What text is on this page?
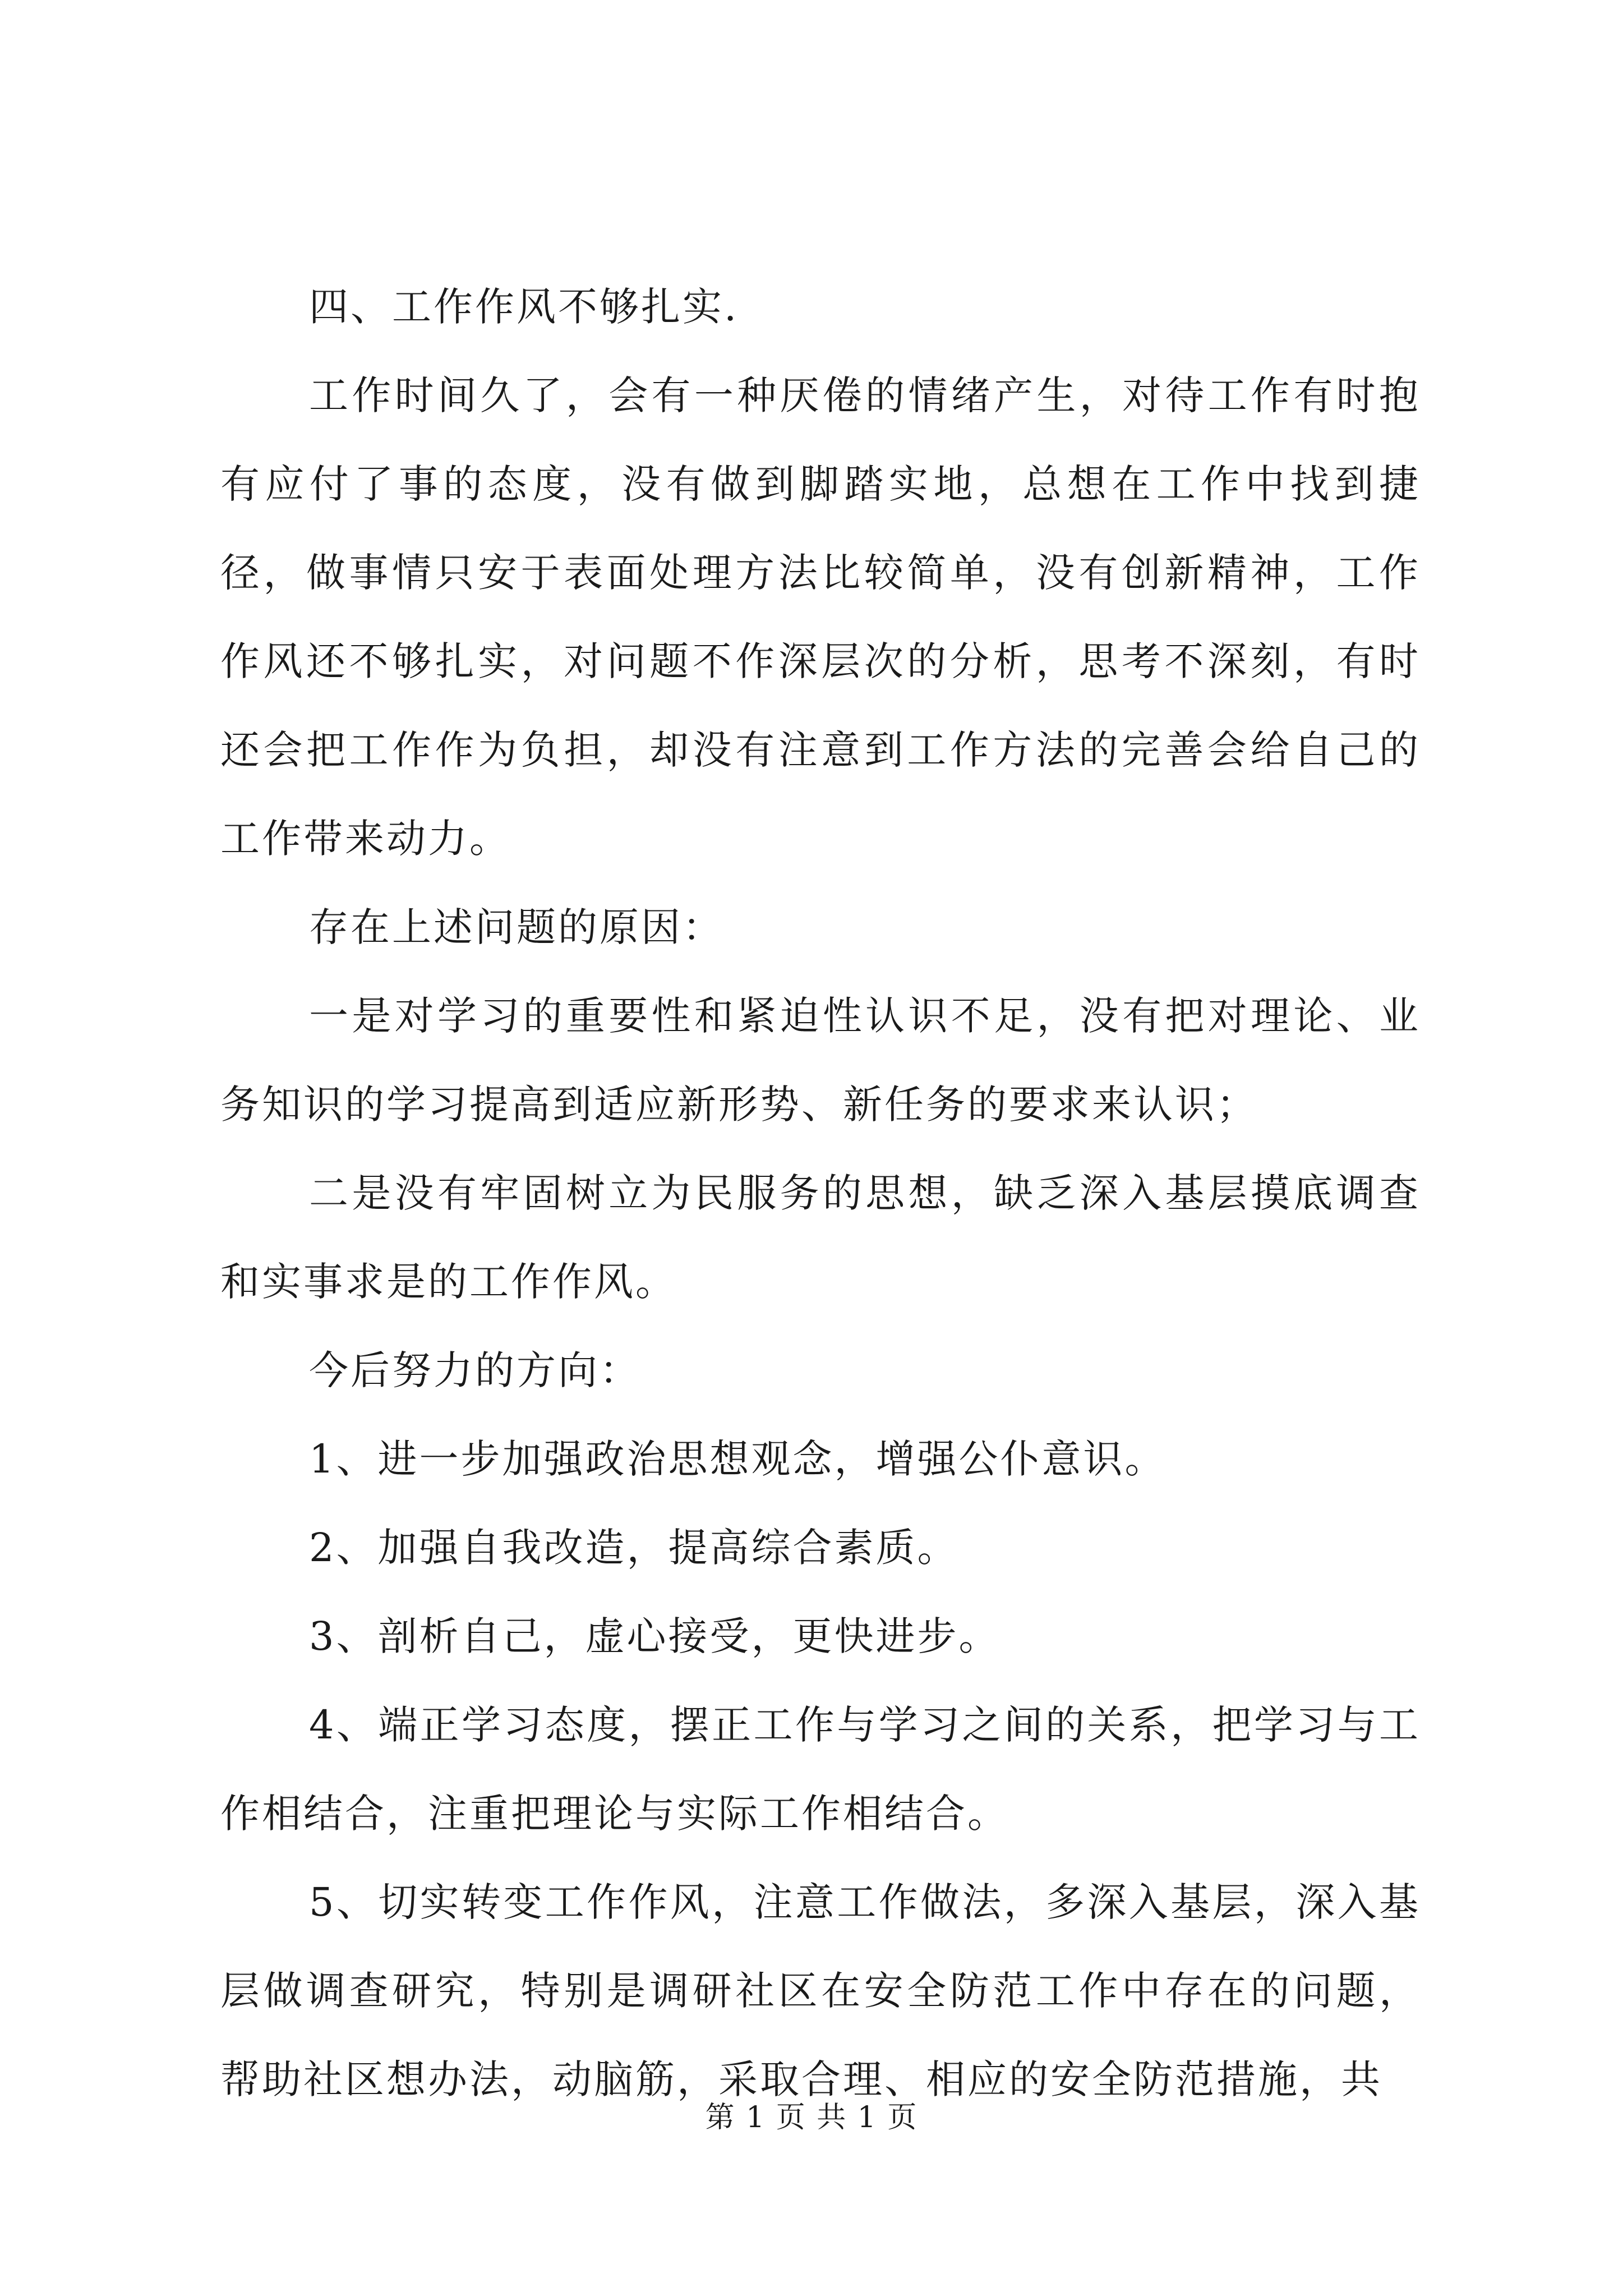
四、工作作风不够扎实.

工作时间久了，会有一种厌倦的情绪产生，对待工作有时抱有应付了事的态度，没有做到脚踏实地，总想在工作中找到捷径，做事情只安于表面处理方法比较简单，没有创新精神，工作作风还不够扎实，对问题不作深层次的分析，思考不深刻，有时还会把工作作为负担，却没有注意到工作方法的完善会给自己的工作带来动力。

存在上述问题的原因：

一是对学习的重要性和紧迫性认识不足，没有把对理论、业务知识的学习提高到适应新形势、新任务的要求来认识；

二是没有牢固树立为民服务的思想，缺乏深入基层摸底调查和实事求是的工作作风。

今后努力的方向：

1、进一步加强政治思想观念，增强公仆意识。

2、加强自我改造，提高综合素质。

3、剖析自己，虚心接受，更快进步。

4、端正学习态度，摆正工作与学习之间的关系，把学习与工作相结合，注重把理论与实际工作相结合。

5、切实转变工作作风，注意工作做法，多深入基层，深入基层做调查研究，特别是调研社区在安全防范工作中存在的问题，帮助社区想办法，动脑筋，采取合理、相应的安全防范措施，共

第 1 页 共 1 页
